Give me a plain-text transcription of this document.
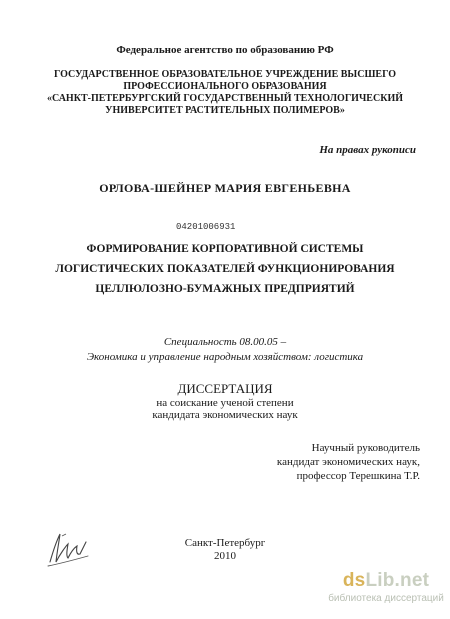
Федеральное агентство по образованию РФ
ГОСУДАРСТВЕННОЕ ОБРАЗОВАТЕЛЬНОЕ УЧРЕЖДЕНИЕ ВЫСШЕГО
ПРОФЕССИОНАЛЬНОГО ОБРАЗОВАНИЯ
«САНКТ-ПЕТЕРБУРГСКИЙ ГОСУДАРСТВЕННЫЙ ТЕХНОЛОГИЧЕСКИЙ
УНИВЕРСИТЕТ РАСТИТЕЛЬНЫХ ПОЛИМЕРОВ»
На правах рукописи
ОРЛОВА-ШЕЙНЕР МАРИЯ ЕВГЕНЬЕВНА
04201006931
ФОРМИРОВАНИЕ КОРПОРАТИВНОЙ СИСТЕМЫ
ЛОГИСТИЧЕСКИХ ПОКАЗАТЕЛЕЙ ФУНКЦИОНИРОВАНИЯ
ЦЕЛЛЮЛОЗНО-БУМАЖНЫХ ПРЕДПРИЯТИЙ
Специальность 08.00.05 –
Экономика и управление народным хозяйством: логистика
ДИССЕРТАЦИЯ
на соискание ученой степени
кандидата экономических наук
Научный руководитель
кандидат экономических наук,
профессор Терешкина Т.Р.
Санкт-Петербург
2010
dsLib.net
библиотека диссертаций
